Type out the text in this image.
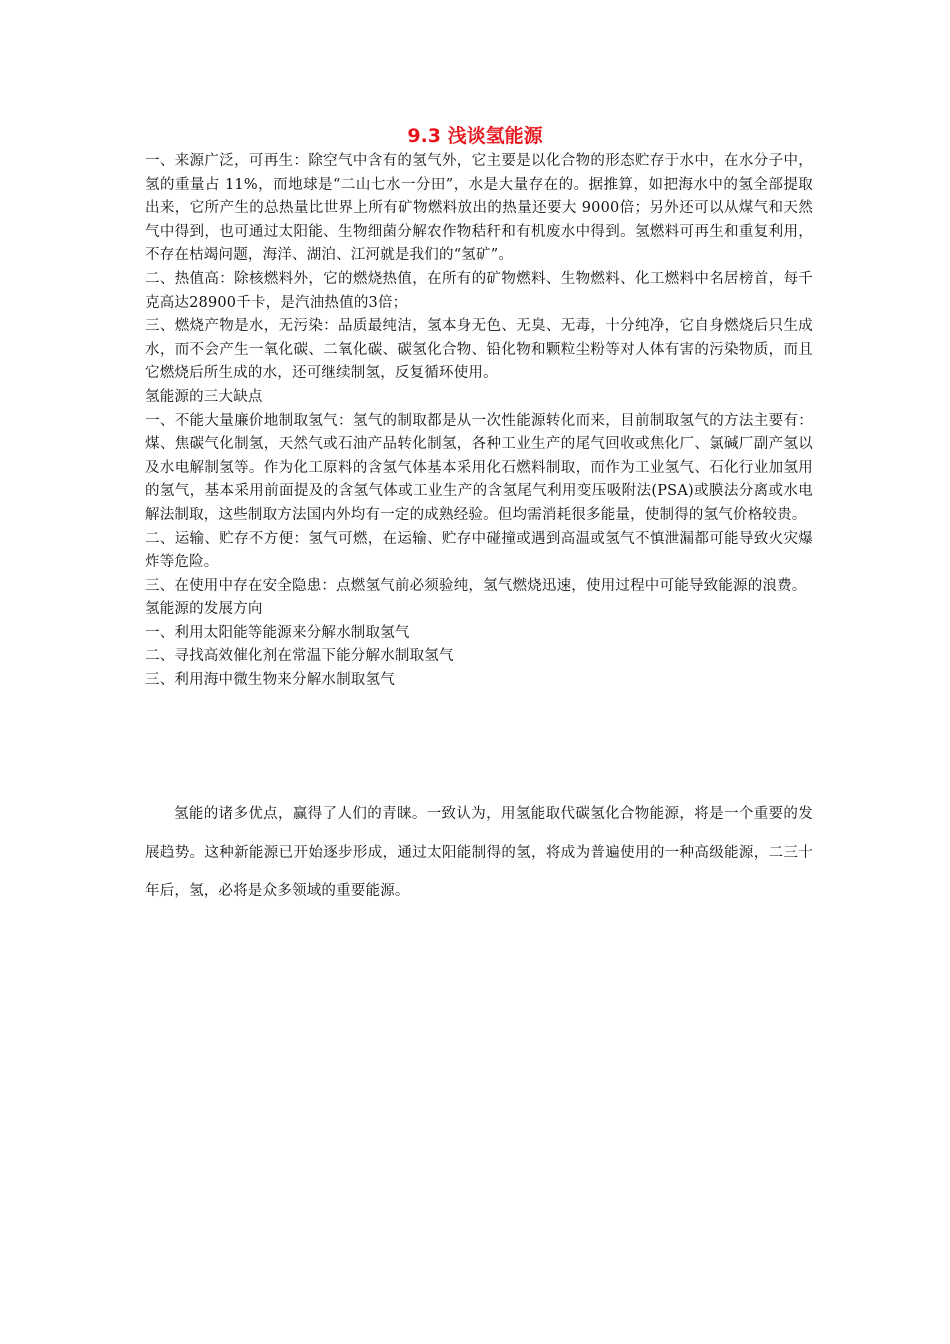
9.3 浅谈氢能源

一、来源广泛，可再生：除空气中含有的氢气外，它主要是以化合物的形态贮存于水中，在水分子中，氢的重量占 11%，而地球是“二山七水一分田”，水是大量存在的。据推算，如把海水中的氢全部提取出来，它所产生的总热量比世界上所有矿物燃料放出的热量还要大 9000倍；另外还可以从煤气和天然气中得到，也可通过太阳能、生物细菌分解农作物秸秆和有机废水中得到。氢燃料可再生和重复利用，不存在枯竭问题，海洋、湖泊、江河就是我们的“氢矿”。

二、热值高：除核燃料外，它的燃烧热值，在所有的矿物燃料、生物燃料、化工燃料中名居榜首，每千克高达28900千卡，是汽油热值的3倍；

三、燃烧产物是水，无污染：品质最纯洁，氢本身无色、无臭、无毒，十分纯净，它自身燃烧后只生成水，而不会产生一氧化碳、二氧化碳、碳氢化合物、铅化物和颗粒尘粉等对人体有害的污染物质，而且它燃烧后所生成的水，还可继续制氢，反复循环使用。

氢能源的三大缺点

一、不能大量廉价地制取氢气：氢气的制取都是从一次性能源转化而来，目前制取氢气的方法主要有：煤、焦碳气化制氢，天然气或石油产品转化制氢，各种工业生产的尾气回收或焦化厂、氯碱厂副产氢以及水电解制氢等。作为化工原料的含氢气体基本采用化石燃料制取，而作为工业氢气、石化行业加氢用的氢气，基本采用前面提及的含氢气体或工业生产的含氢尾气利用变压吸附法(PSA)或膜法分离或水电解法制取，这些制取方法国内外均有一定的成熟经验。但均需消耗很多能量，使制得的氢气价格较贵。

二、运输、贮存不方便：氢气可燃，在运输、贮存中碰撞或遇到高温或氢气不慎泄漏都可能导致火灾爆炸等危险。

三、在使用中存在安全隐患：点燃氢气前必须验纯，氢气燃烧迅速，使用过程中可能导致能源的浪费。

氢能源的发展方向

一、利用太阳能等能源来分解水制取氢气

二、寻找高效催化剂在常温下能分解水制取氢气

三、利用海中微生物来分解水制取氢气

氢能的诸多优点，赢得了人们的青睐。一致认为，用氢能取代碳氢化合物能源，将是一个重要的发展趋势。这种新能源已开始逐步形成，通过太阳能制得的氢，将成为普遍使用的一种高级能源，二三十年后，氢，必将是众多领域的重要能源。
